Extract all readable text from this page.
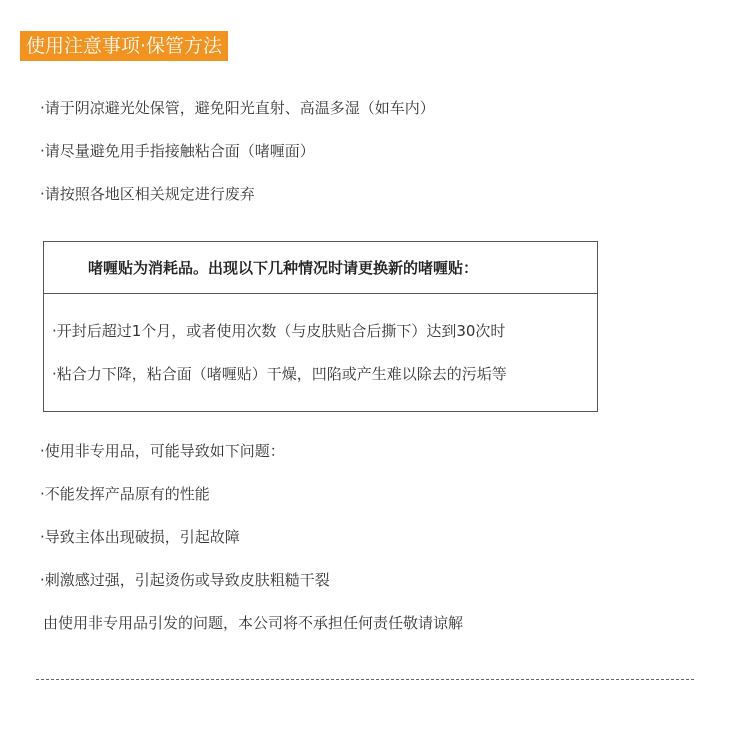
使用注意事项·保管方法
·请于阴凉避光处保管，避免阳光直射、高温多湿（如车内）
·请尽量避免用手指接触粘合面（啫喱面）
·请按照各地区相关规定进行废弃
啫喱贴为消耗品。出现以下几种情况时请更换新的啫喱贴：
·开封后超过1个月，或者使用次数（与皮肤贴合后撕下）达到30次时
·粘合力下降，粘合面（啫喱贴）干燥，凹陷或产生难以除去的污垢等
·使用非专用品，可能导致如下问题：
·不能发挥产品原有的性能
·导致主体出现破损，引起故障
·刺激感过强，引起烫伤或导致皮肤粗糙干裂
由使用非专用品引发的问题，本公司将不承担任何责任敬请谅解
